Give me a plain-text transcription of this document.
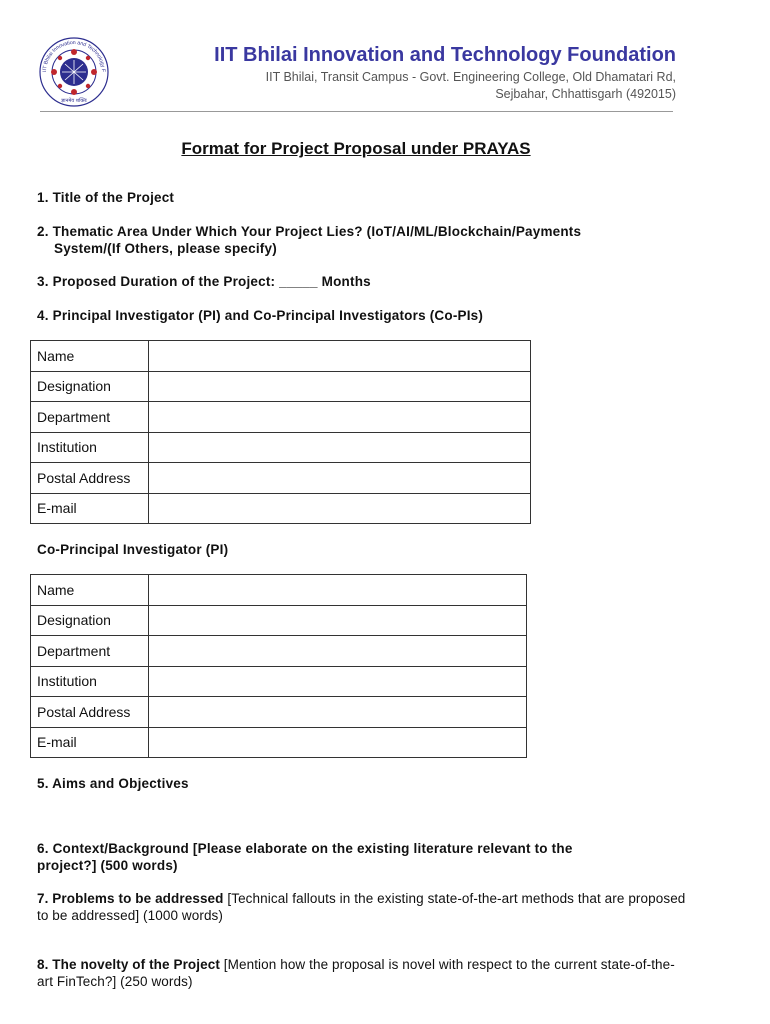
IIT Bhilai Innovation and Technology F
ज्ञानमेव शक्तिः
IIT Bhilai Innovation and Technology Foundation
IIT Bhilai, Transit Campus - Govt. Engineering College, Old Dhamatari Rd,
Sejbahar, Chhattisgarh (492015)
Format for Project Proposal under PRAYAS
1. Title of the Project
2. Thematic Area Under Which Your Project Lies? (IoT/AI/ML/Blockchain/Payments
System/(If Others, please specify)
3. Proposed Duration of the Project: _____ Months
4. Principal Investigator (PI) and Co-Principal Investigators (Co-PIs)
Name	
Designation	
Department	
Institution	
Postal Address	
E-mail	
Co-Principal Investigator (PI)
Name	
Designation	
Department	
Institution	
Postal Address	
E-mail	
5. Aims and Objectives
6. Context/Background [Please elaborate on the existing literature relevant to the
project?] (500 words)
7. Problems to be addressed [Technical fallouts in the existing state-of-the-art methods that are proposed to be addressed] (1000 words)
8. The novelty of the Project [Mention how the proposal is novel with respect to the current state-of-the-art FinTech?] (250 words)
